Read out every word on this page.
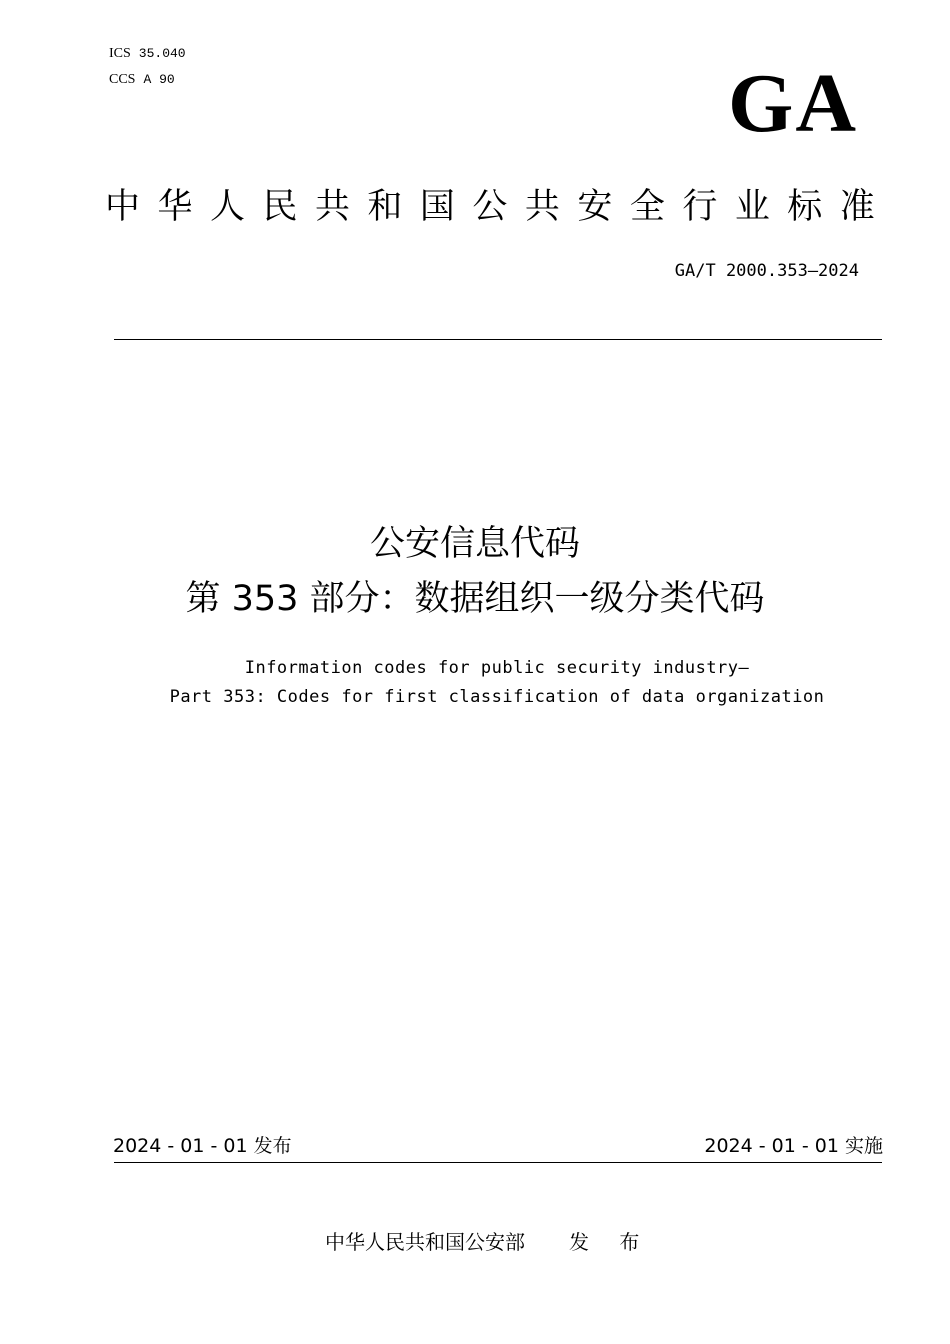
ICS 35.040
CCS A 90	GA
中 华 人 民 共 和 国 公 共 安 全 行 业 标 准
GA/T 2000.353—2024
公安信息代码
第 353 部分：数据组织一级分类代码
Information codes for public security industry—
Part 353: Codes for first classification of data organization
2024 - 01 - 01 发布	2024 - 01 - 01 实施
中华人民共和国公安部 发 布
